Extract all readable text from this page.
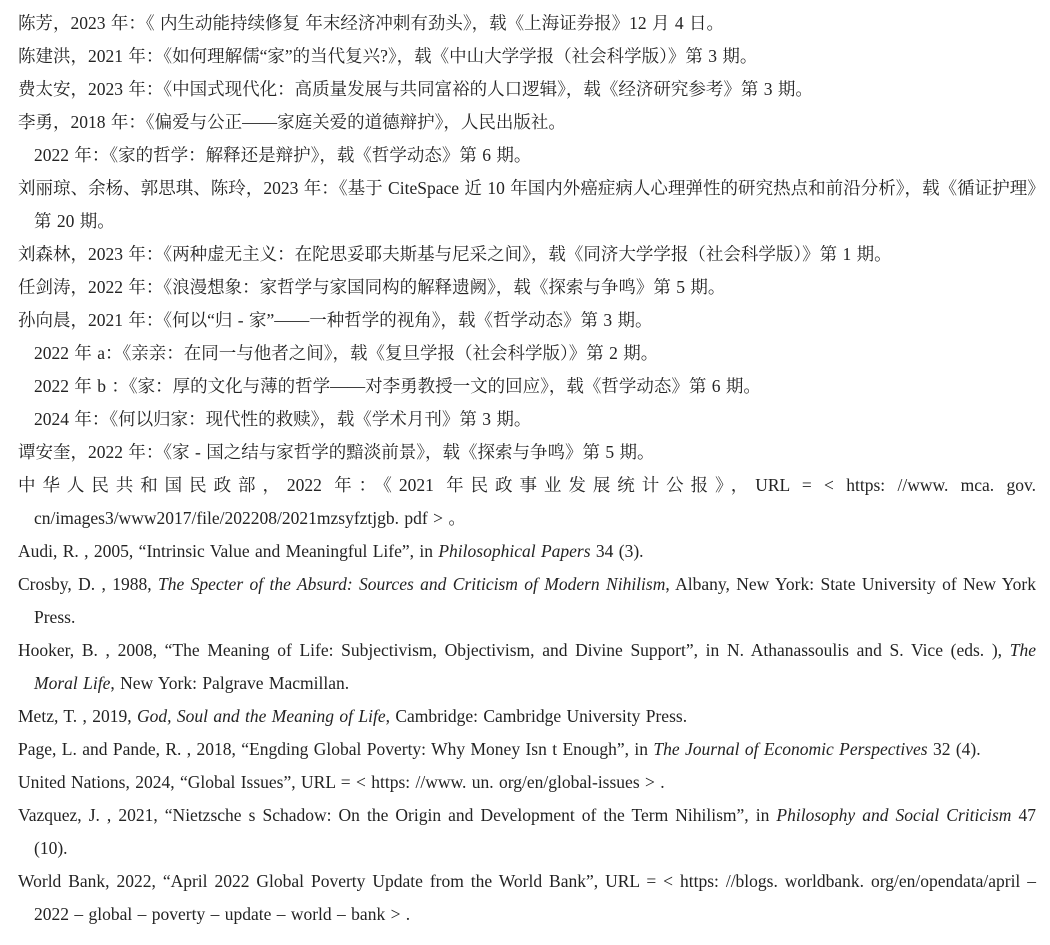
陈芳，2023 年：《 内生动能持续修复 年末经济冲刺有劲头》，载《上海证券报》12 月 4 日。

陈建洪，2021 年：《如何理解儒“家”的当代复兴?》，载《中山大学学报（社会科学版）》第 3 期。

费太安，2023 年：《中国式现代化：高质量发展与共同富裕的人口逻辑》，载《经济研究参考》第 3 期。

李勇，2018 年：《偏爱与公正——家庭关爱的道德辩护》，人民出版社。

2022 年：《家的哲学：解释还是辩护》，载《哲学动态》第 6 期。

刘丽琼、余杨、郭思琪、陈玲，2023 年：《基于 CiteSpace 近 10 年国内外癌症病人心理弹性的研究热点和前沿分析》，载《循证护理》第 20 期。

刘森林，2023 年：《两种虚无主义：在陀思妥耶夫斯基与尼采之间》，载《同济大学学报（社会科学版）》第 1 期。

任剑涛，2022 年：《浪漫想象：家哲学与家国同构的解释遗阙》，载《探索与争鸣》第 5 期。

孙向晨，2021 年：《何以“归 - 家”——一种哲学的视角》，载《哲学动态》第 3 期。

2022 年 a：《亲亲：在同一与他者之间》，载《复旦学报（社会科学版）》第 2 期。

2022 年 b ：《家：厚的文化与薄的哲学——对李勇教授一文的回应》，载《哲学动态》第 6 期。

2024 年：《何以归家：现代性的救赎》，载《学术月刊》第 3 期。

谭安奎，2022 年：《家 - 国之结与家哲学的黯淡前景》，载《探索与争鸣》第 5 期。

中华人民共和国民政部，2022 年：《2021 年民政事业发展统计公报》，URL = < https: //www. mca. gov. cn/images3/www2017/file/202208/2021mzsyfztjgb. pdf > 。

Audi, R. , 2005, “Intrinsic Value and Meaningful Life”, in Philosophical Papers 34 (3).

Crosby, D. , 1988, The Specter of the Absurd: Sources and Criticism of Modern Nihilism, Albany, New York: State University of New York Press.

Hooker, B. , 2008, “The Meaning of Life: Subjectivism, Objectivism, and Divine Support”, in N. Athanassoulis and S. Vice (eds. ), The Moral Life, New York: Palgrave Macmillan.

Metz, T. , 2019, God, Soul and the Meaning of Life, Cambridge: Cambridge University Press.

Page, L. and Pande, R. , 2018, “Engding Global Poverty: Why Money Isn t Enough”, in The Journal of Economic Perspectives 32 (4).

United Nations, 2024, “Global Issues”, URL = < https: //www. un. org/en/global-issues > .

Vazquez, J. , 2021, “Nietzsche s Schadow: On the Origin and Development of the Term Nihilism”, in Philosophy and Social Criticism 47 (10).

World Bank, 2022, “April 2022 Global Poverty Update from the World Bank”, URL = < https: //blogs. worldbank. org/en/opendata/april – 2022 – global – poverty – update – world – bank > .
